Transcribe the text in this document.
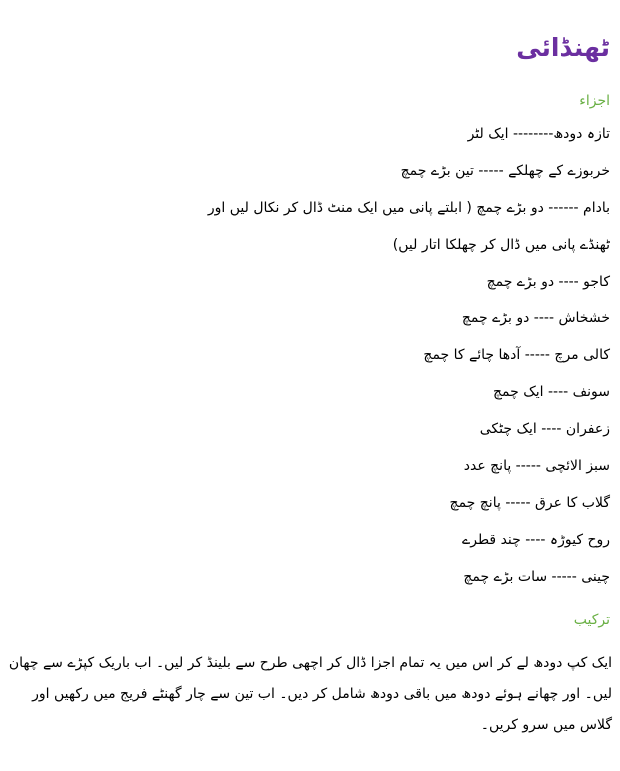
ٹھنڈائی
اجزاء
تازہ دودھ-------- ایک لٹر
خربوزے کے چھلکے ----- تین بڑے چمچ
بادام ------ دو بڑے چمچ ( ابلتے پانی میں ایک منٹ ڈال کر نکال لیں اور
ٹھنڈے پانی میں ڈال کر چھلکا اتار لیں)
کاجو ---- دو بڑے چمچ
خشخاش ---- دو بڑے چمچ
کالی مرچ ----- آدھا چائے کا چمچ
سونف ---- ایک چمچ
زعفران ---- ایک چٹکی
سبز الائچی ----- پانچ عدد
گلاب کا عرق ----- پانچ چمچ
روح کیوڑہ ---- چند قطرے
چینی ----- سات بڑے چمچ
ترکیب

ایک کپ دودھ لے کر اس میں یہ تمام اجزا ڈال کر اچھی طرح سے بلینڈ کر لیں۔ اب باریک کپڑے سے چھان لیں۔ اور چھانے ہوئے دودھ میں باقی دودھ شامل کر دیں۔ اب تین سے چار گھنٹے فریج میں رکھیں اور گلاس میں سرو کریں۔
